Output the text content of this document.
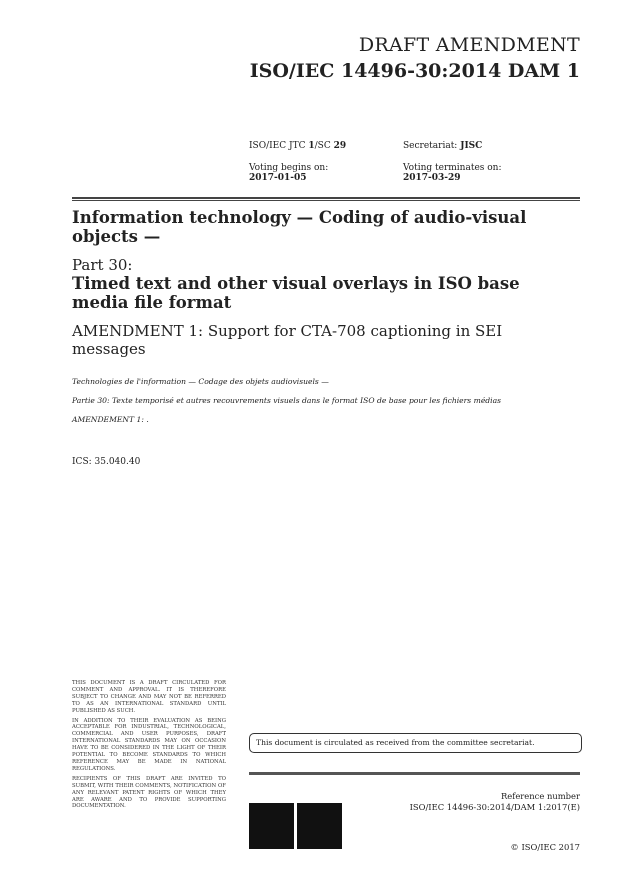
DRAFT AMENDMENT
ISO/IEC 14496-30:2014 DAM 1
ISO/IEC JTC 1/SC 29	Secretariat: JISC
Voting begins on:
2017-01-05
Voting terminates on:
2017-03-29
Information technology — Coding of audio-visual objects —
Part 30:
Timed text and other visual overlays in ISO base media file format
AMENDMENT 1: Support for CTA-708 captioning in SEI messages
Technologies de l'information — Codage des objets audiovisuels —
Partie 30: Texte temporisé et autres recouvrements visuels dans le format ISO de base pour les fichiers médias
AMENDEMENT 1: .
ICS: 35.040.40

THIS DOCUMENT IS A DRAFT CIRCULATED FOR COMMENT AND APPROVAL. IT IS THEREFORE SUBJECT TO CHANGE AND MAY NOT BE REFERRED TO AS AN INTERNATIONAL STANDARD UNTIL PUBLISHED AS SUCH.

IN ADDITION TO THEIR EVALUATION AS BEING ACCEPTABLE FOR INDUSTRIAL, TECHNOLOGICAL, COMMERCIAL AND USER PURPOSES, DRAFT INTERNATIONAL STANDARDS MAY ON OCCASION HAVE TO BE CONSIDERED IN THE LIGHT OF THEIR POTENTIAL TO BECOME STANDARDS TO WHICH REFERENCE MAY BE MADE IN NATIONAL REGULATIONS.

RECIPIENTS OF THIS DRAFT ARE INVITED TO SUBMIT, WITH THEIR COMMENTS, NOTIFICATION OF ANY RELEVANT PATENT RIGHTS OF WHICH THEY ARE AWARE AND TO PROVIDE SUPPORTING DOCUMENTATION.

This document is circulated as received from the committee secretariat.
Reference number
ISO/IEC 14496-30:2014/DAM 1:2017(E)
© ISO/IEC 2017
